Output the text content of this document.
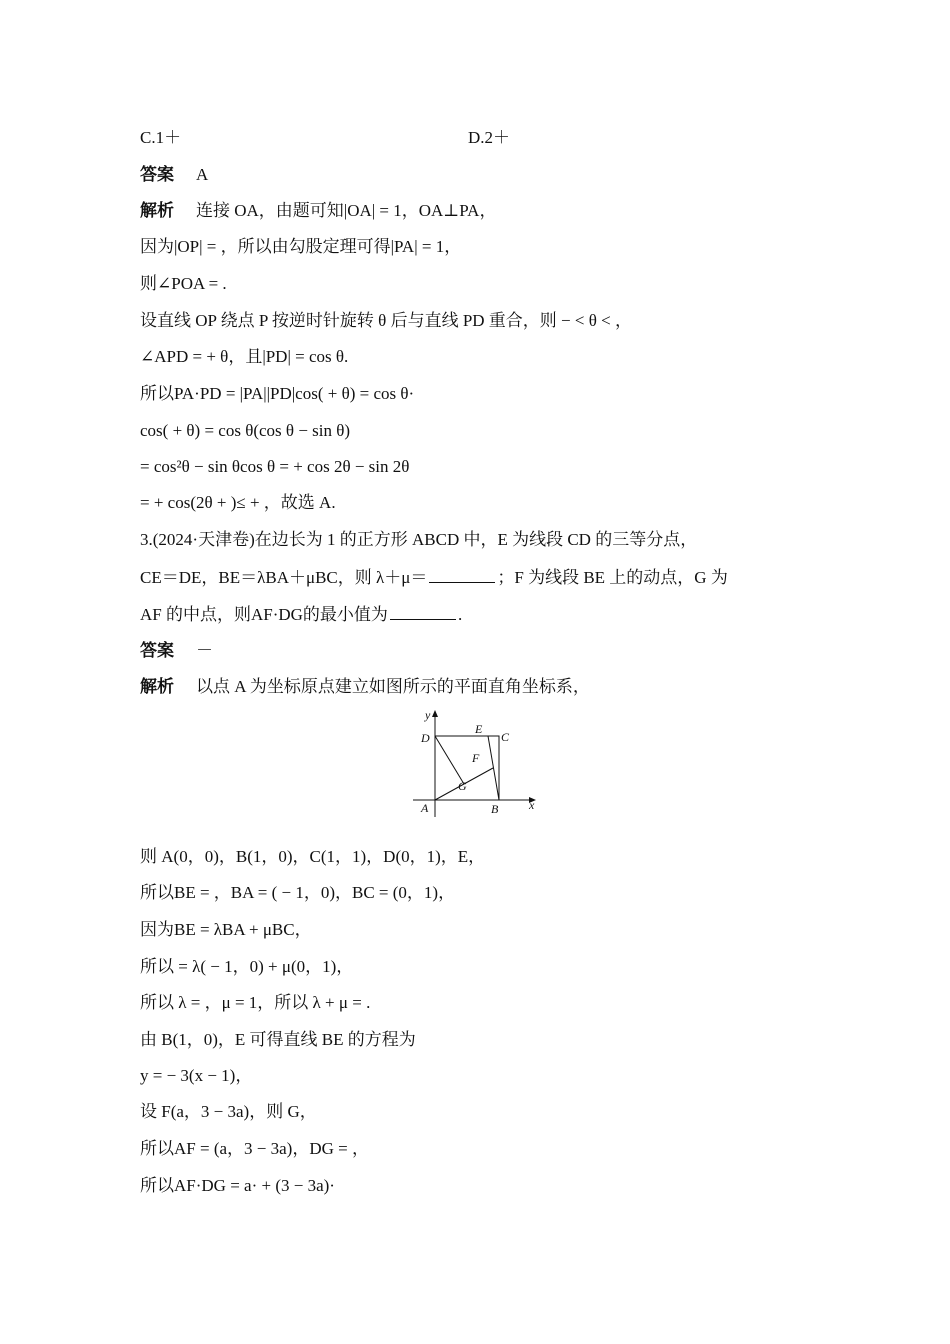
C.1＋	D.2＋
答案 A
解析 连接 OA，由题可知|OA| = 1，OA⊥PA，
因为|OP| = ，所以由勾股定理可得|PA| = 1，
则∠POA = .
设直线 OP 绕点 P 按逆时针旋转 θ 后与直线 PD 重合，则 − < θ < ，
∠APD = + θ，且|PD| = cos θ.
所以PA·PD = |PA||PD|cos( + θ) = cos θ·
cos( + θ) = cos θ(cos θ − sin θ)
= cos²θ − sin θcos θ = + cos 2θ − sin 2θ
= + cos(2θ + )≤ + ，故选 A.
3.(2024·天津卷)在边长为 1 的正方形 ABCD 中，E 为线段 CD 的三等分点，
CE＝DE，BE＝λBA＋μBC，则 λ＋μ＝	；F 为线段 BE 上的动点，G 为
AF 的中点，则AF·DG的最小值为	.
答案 －
解析 以点 A 为坐标原点建立如图所示的平面直角坐标系，
y
x
D
E
C
F
G
A	B
则 A(0，0)，B(1，0)，C(1，1)，D(0，1)，E，
所以BE = ，BA = ( − 1，0)，BC = (0，1)，
因为BE = λBA + μBC，
所以 = λ( − 1，0) + μ(0，1)，
所以 λ = ，μ = 1，所以 λ + μ = .
由 B(1，0)，E 可得直线 BE 的方程为
y = − 3(x − 1)，
设 F(a，3 − 3a)，则 G，
所以AF = (a，3 − 3a)，DG = ，
所以AF·DG = a· + (3 − 3a)·
